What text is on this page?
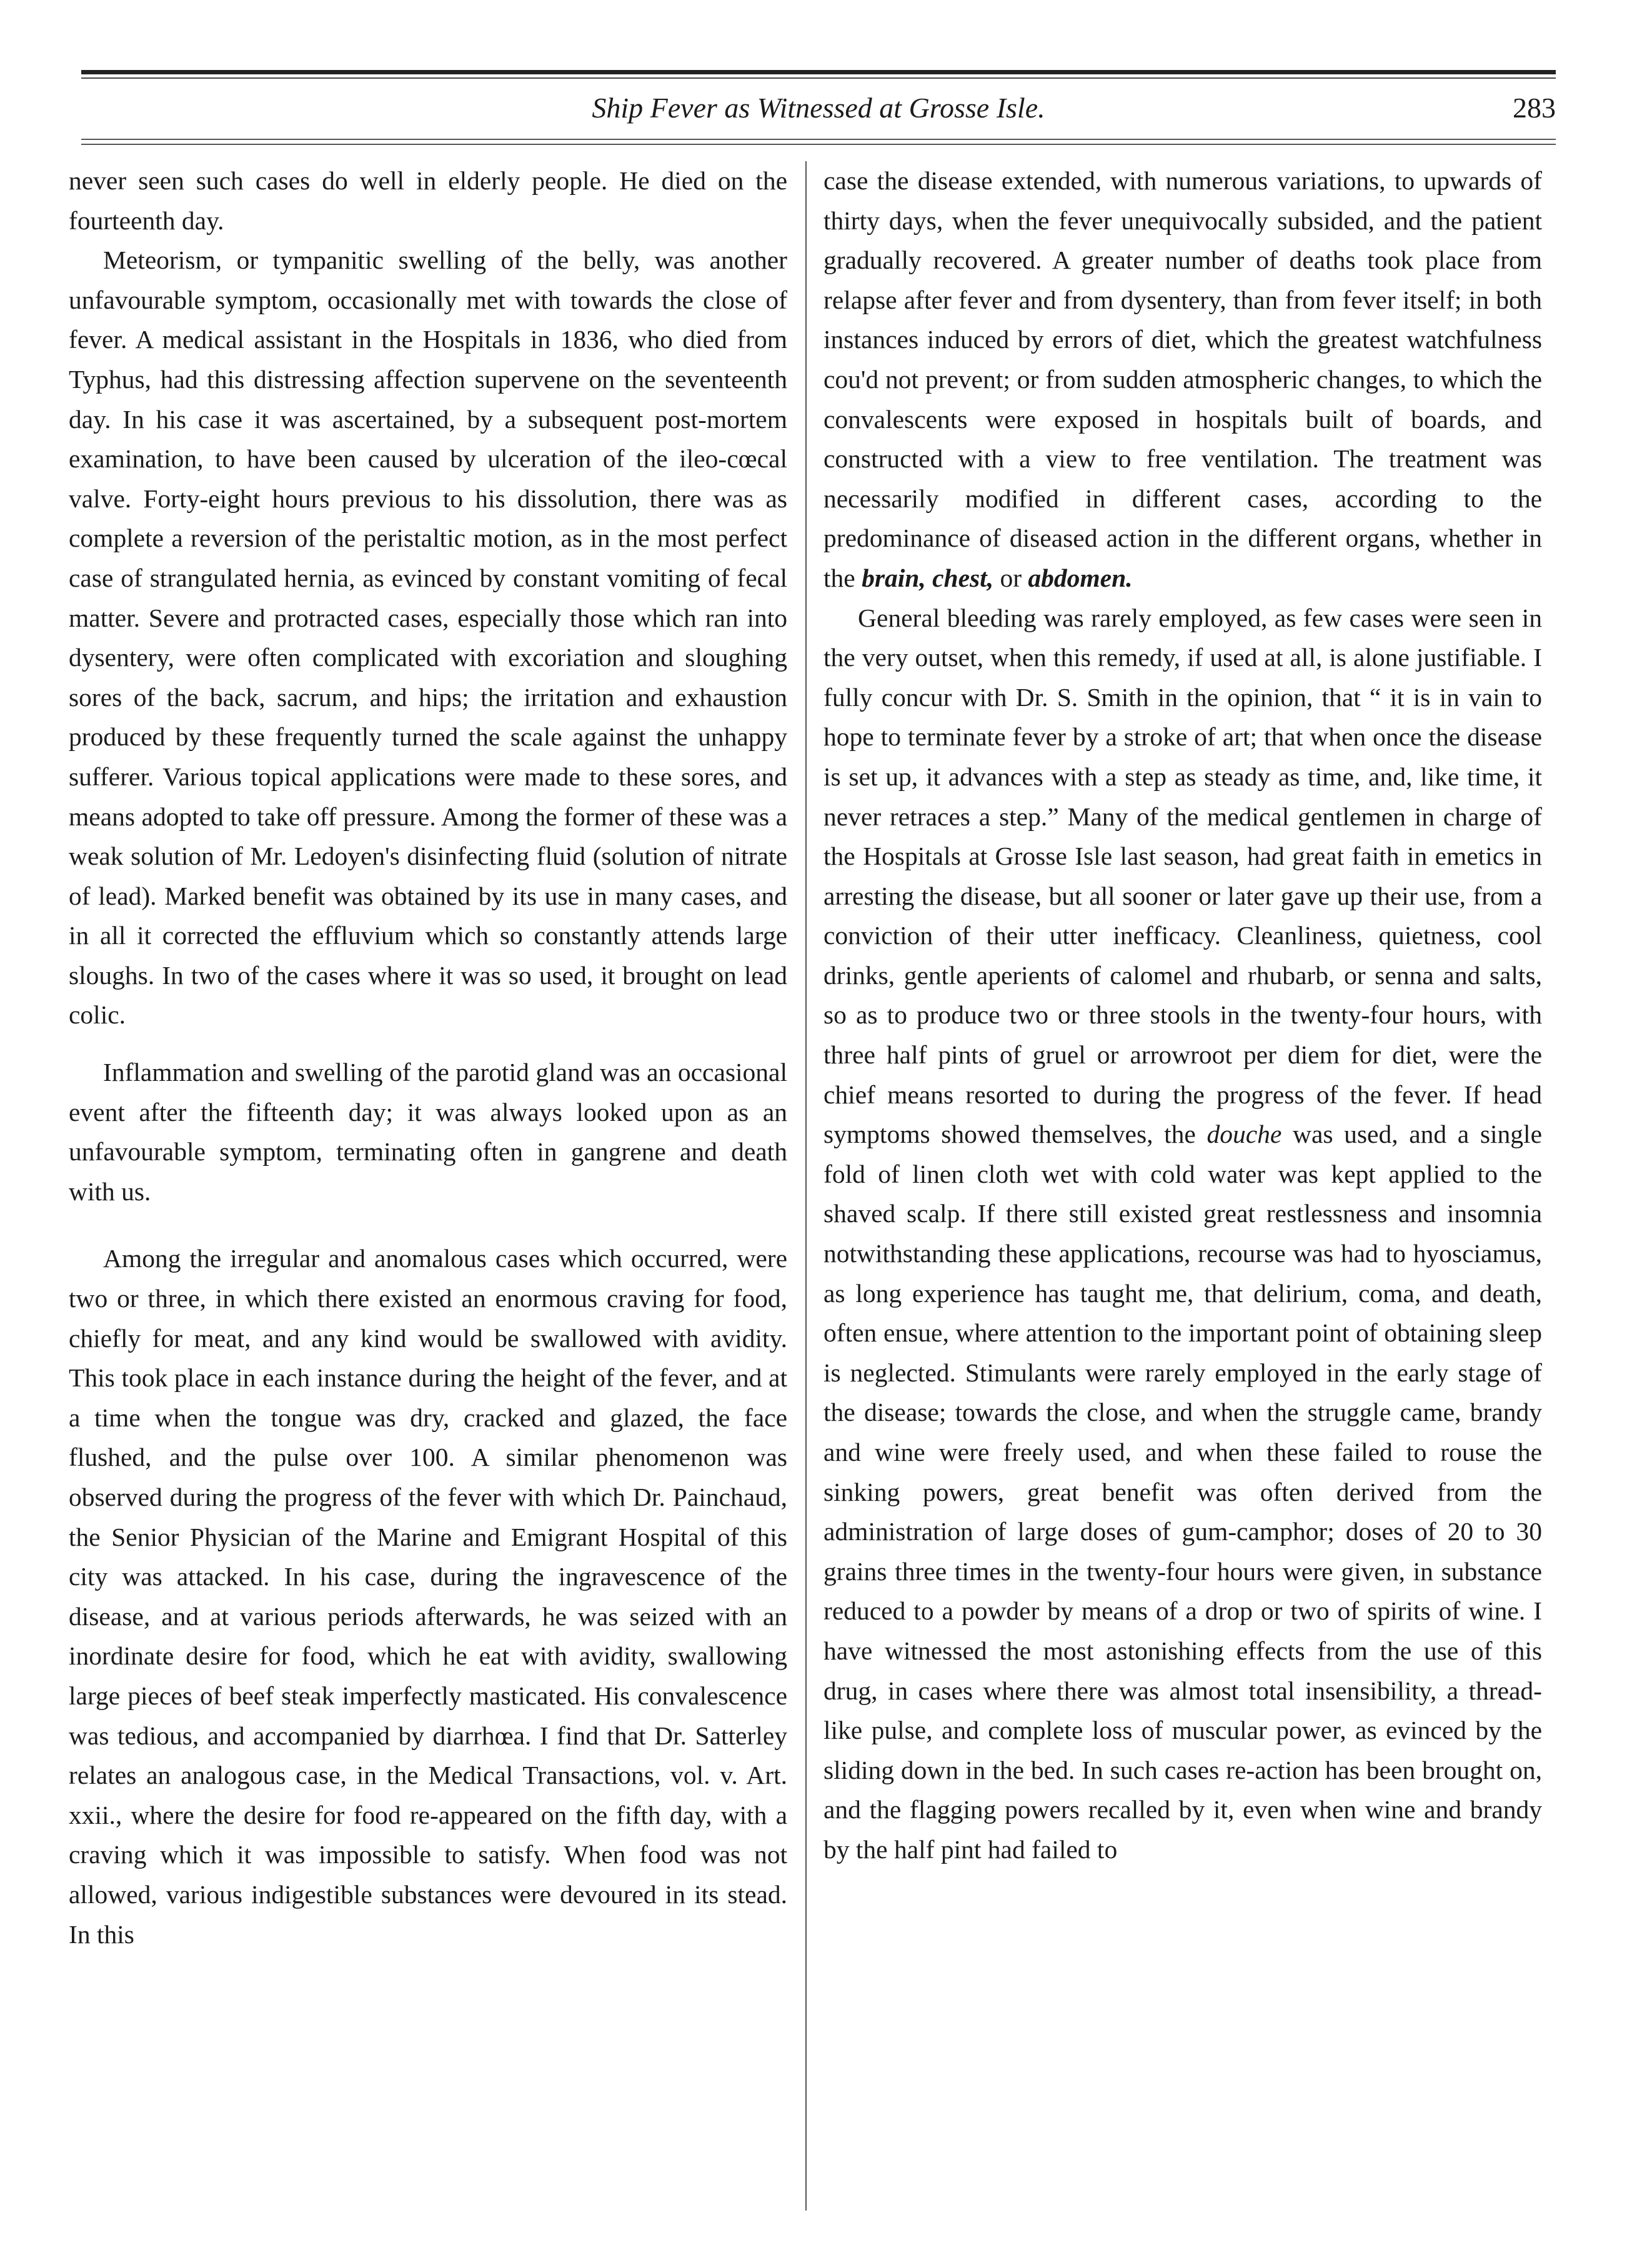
Ship Fever as Witnessed at Grosse Isle.	283

never seen such cases do well in elderly people. He died on the fourteenth day.

Meteorism, or tympanitic swelling of the belly, was another unfavourable symptom, occasionally met with towards the close of fever. A medical assistant in the Hospitals in 1836, who died from Typhus, had this distressing affection supervene on the seventeenth day. In his case it was ascertained, by a subsequent post-mortem examination, to have been caused by ulceration of the ileo-cœcal valve. Forty-eight hours previous to his dissolution, there was as complete a reversion of the peristaltic motion, as in the most perfect case of strangulated hernia, as evinced by constant vomiting of fecal matter. Severe and protracted cases, especially those which ran into dysentery, were often complicated with excoriation and sloughing sores of the back, sacrum, and hips; the irritation and exhaustion produced by these frequently turned the scale against the unhappy sufferer. Various topical applications were made to these sores, and means adopted to take off pressure. Among the former of these was a weak solution of Mr. Ledoyen's disinfecting fluid (solution of nitrate of lead). Marked benefit was obtained by its use in many cases, and in all it corrected the effluvium which so constantly attends large sloughs. In two of the cases where it was so used, it brought on lead colic.

Inflammation and swelling of the parotid gland was an occasional event after the fifteenth day; it was always looked upon as an unfavourable symptom, terminating often in gangrene and death with us.

Among the irregular and anomalous cases which occurred, were two or three, in which there existed an enormous craving for food, chiefly for meat, and any kind would be swallowed with avidity. This took place in each instance during the height of the fever, and at a time when the tongue was dry, cracked and glazed, the face flushed, and the pulse over 100. A similar phenomenon was observed during the progress of the fever with which Dr. Painchaud, the Senior Physician of the Marine and Emigrant Hospital of this city was attacked. In his case, during the ingravescence of the disease, and at various periods afterwards, he was seized with an inordinate desire for food, which he eat with avidity, swallowing large pieces of beef steak imperfectly masticated. His convalescence was tedious, and accompanied by diarrhœa. I find that Dr. Satterley relates an analogous case, in the Medical Transactions, vol. v. Art. xxii., where the desire for food re-appeared on the fifth day, with a craving which it was impossible to satisfy. When food was not allowed, various indigestible substances were devoured in its stead. In this

case the disease extended, with numerous variations, to upwards of thirty days, when the fever unequivocally subsided, and the patient gradually recovered. A greater number of deaths took place from relapse after fever and from dysentery, than from fever itself; in both instances induced by errors of diet, which the greatest watchfulness cou'd not prevent; or from sudden atmospheric changes, to which the convalescents were exposed in hospitals built of boards, and constructed with a view to free ventilation. The treatment was necessarily modified in different cases, according to the predominance of diseased action in the different organs, whether in the brain, chest, or abdomen.

General bleeding was rarely employed, as few cases were seen in the very outset, when this remedy, if used at all, is alone justifiable. I fully concur with Dr. S. Smith in the opinion, that “ it is in vain to hope to terminate fever by a stroke of art; that when once the disease is set up, it advances with a step as steady as time, and, like time, it never retraces a step.” Many of the medical gentlemen in charge of the Hospitals at Grosse Isle last season, had great faith in emetics in arresting the disease, but all sooner or later gave up their use, from a conviction of their utter inefficacy. Cleanliness, quietness, cool drinks, gentle aperients of calomel and rhubarb, or senna and salts, so as to produce two or three stools in the twenty-four hours, with three half pints of gruel or arrowroot per diem for diet, were the chief means resorted to during the progress of the fever. If head symptoms showed themselves, the douche was used, and a single fold of linen cloth wet with cold water was kept applied to the shaved scalp. If there still existed great restlessness and insomnia notwithstanding these applications, recourse was had to hyosciamus, as long experience has taught me, that delirium, coma, and death, often ensue, where attention to the important point of obtaining sleep is neglected. Stimulants were rarely employed in the early stage of the disease; towards the close, and when the struggle came, brandy and wine were freely used, and when these failed to rouse the sinking powers, great benefit was often derived from the administration of large doses of gum-camphor; doses of 20 to 30 grains three times in the twenty-four hours were given, in substance reduced to a powder by means of a drop or two of spirits of wine. I have witnessed the most astonishing effects from the use of this drug, in cases where there was almost total insensibility, a thread-like pulse, and complete loss of muscular power, as evinced by the sliding down in the bed. In such cases re-action has been brought on, and the flagging powers recalled by it, even when wine and brandy by the half pint had failed to
